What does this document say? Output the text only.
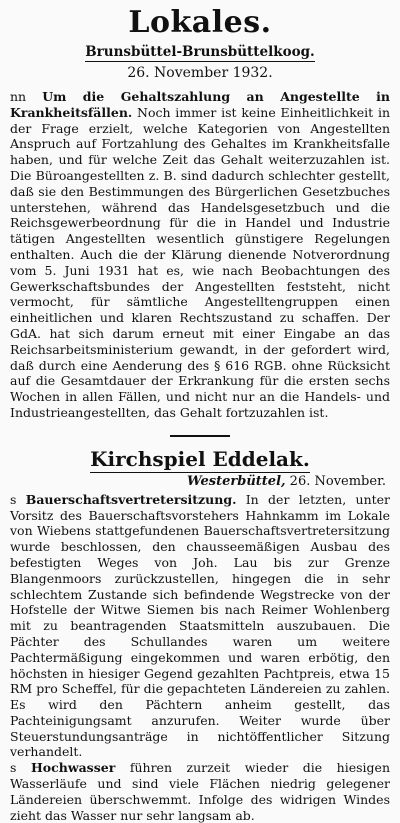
Lokales.

Brunsbüttel-Brunsbüttelkoog.

26. November 1932.

nn Um die Gehaltszahlung an Angestellte in Krankheitsfällen. Noch immer ist keine Einheitlichkeit in der Frage erzielt, welche Kategorien von Angestellten Anspruch auf Fortzahlung des Gehaltes im Krankheitsfalle haben, und für welche Zeit das Gehalt weiterzuzahlen ist. Die Büroangestellten z. B. sind dadurch schlechter gestellt, daß sie den Bestimmungen des Bürgerlichen Gesetzbuches unterstehen, während das Handelsgesetzbuch und die Reichsgewerbeordnung für die in Handel und Industrie tätigen Angestellten wesentlich günstigere Regelungen enthalten. Auch die der Klärung dienende Notverordnung vom 5. Juni 1931 hat es, wie nach Beobachtungen des Gewerkschaftsbundes der Angestellten feststeht, nicht vermocht, für sämtliche Angestelltengruppen einen einheitlichen und klaren Rechtszustand zu schaffen. Der GdA. hat sich darum erneut mit einer Eingabe an das Reichsarbeitsministerium gewandt, in der gefordert wird, daß durch eine Aenderung des § 616 RGB. ohne Rücksicht auf die Gesamtdauer der Erkrankung für die ersten sechs Wochen in allen Fällen, und nicht nur an die Handels- und Industrieangestellten, das Gehalt fortzuzahlen ist.

Kirchspiel Eddelak.

Westerbüttel, 26. November.

s Bauerschaftsvertretersitzung. In der letzten, unter Vorsitz des Bauerschaftsvorstehers Hahnkamm im Lokale von Wiebens stattgefundenen Bauerschaftsvertretersitzung wurde beschlossen, den chausseemäßigen Ausbau des befestigten Weges von Joh. Lau bis zur Grenze Blangenmoors zurückzustellen, hingegen die in sehr schlechtem Zustande sich befindende Wegstrecke von der Hofstelle der Witwe Siemen bis nach Reimer Wohlenberg mit zu beantragenden Staatsmitteln auszubauen. Die Pächter des Schullandes waren um weitere Pachtermäßigung eingekommen und waren erbötig, den höchsten in hiesiger Gegend gezahlten Pachtpreis, etwa 15 RM pro Scheffel, für die gepachteten Ländereien zu zahlen. Es wird den Pächtern anheim gestellt, das Pachteinigungsamt anzurufen. Weiter wurde über Steuerstundungsanträge in nichtöffentlicher Sitzung verhandelt.

s Hochwasser führen zurzeit wieder die hiesigen Wasserläufe und sind viele Flächen niedrig gelegener Ländereien überschwemmt. Infolge des widrigen Windes zieht das Wasser nur sehr langsam ab.
